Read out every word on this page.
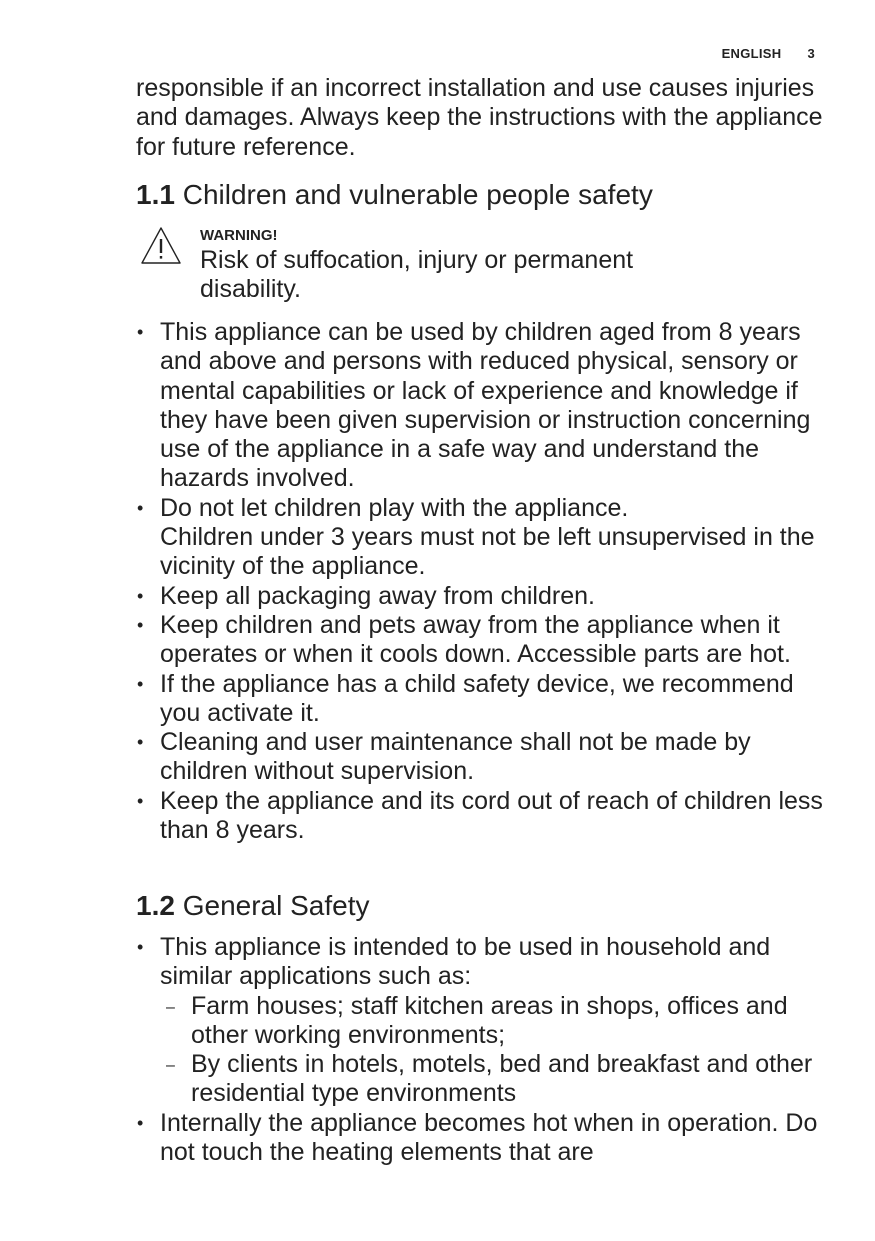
ENGLISH 3
responsible if an incorrect installation and use causes injuries and damages. Always keep the instructions with the appliance for future reference.
1.1 Children and vulnerable people safety
WARNING!
Risk of suffocation, injury or permanent disability.
• This appliance can be used by children aged from 8 years and above and persons with reduced physical, sensory or mental capabilities or lack of experience and knowledge if they have been given supervision or instruction concerning use of the appliance in a safe way and understand the hazards involved.
• Do not let children play with the appliance.
Children under 3 years must not be left unsupervised in the vicinity of the appliance.
• Keep all packaging away from children.
• Keep children and pets away from the appliance when it operates or when it cools down. Accessible parts are hot.
• If the appliance has a child safety device, we recommend you activate it.
• Cleaning and user maintenance shall not be made by children without supervision.
• Keep the appliance and its cord out of reach of children less than 8 years.
1.2 General Safety
• This appliance is intended to be used in household and similar applications such as:
– Farm houses; staff kitchen areas in shops, offices and other working environments;
– By clients in hotels, motels, bed and breakfast and other residential type environments
• Internally the appliance becomes hot when in operation. Do not touch the heating elements that are
